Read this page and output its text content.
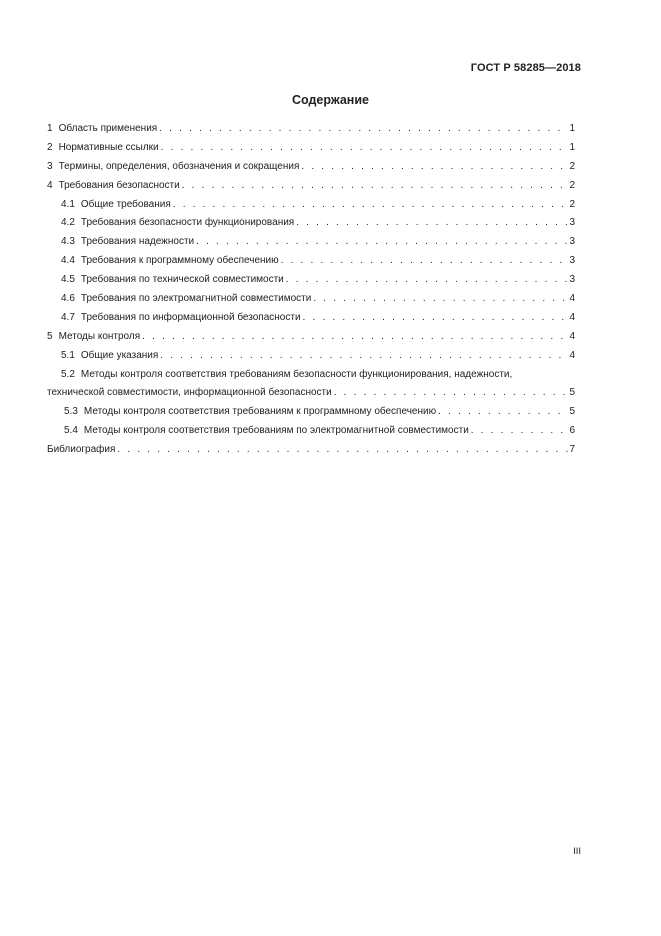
ГОСТ Р 58285—2018
Содержание
1 Область применения . . .	1
2 Нормативные ссылки . . .	1
3 Термины, определения, обозначения и сокращения . . .	2
4 Требования безопасности . . .	2
4.1 Общие требования . . .	2
4.2 Требования безопасности функционирования . . .	3
4.3 Требования надежности . . .	3
4.4 Требования к программному обеспечению . . .	3
4.5 Требования по технической совместимости . . .	3
4.6 Требования по электромагнитной совместимости . . .	4
4.7 Требования по информационной безопасности . . .	4
5 Методы контроля . . .	4
5.1 Общие указания . . .	4
5.2 Методы контроля соответствия требованиям безопасности функционирования, надежности,
технической совместимости, информационной безопасности . . .	5
5.3 Методы контроля соответствия требованиям к программному обеспечению . . .	5
5.4 Методы контроля соответствия требованиям по электромагнитной совместимости . . .	6
Библиография . . .	7
III
